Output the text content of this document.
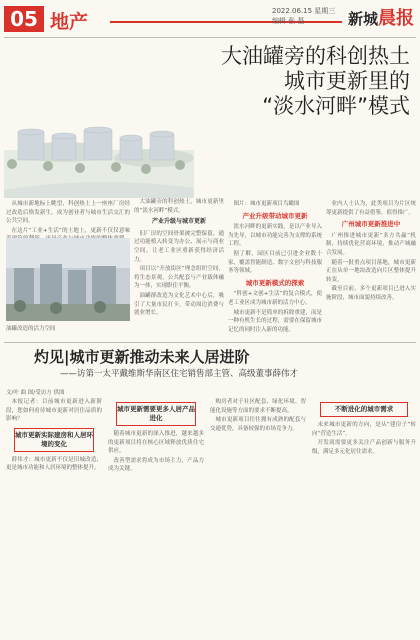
05 地产	2022.06.15 星期三
编辑 张 磊	新城晨报
大油罐旁的科创热土
城市更新里的
“淡水河畔”模式

从城市新地标上眺望，科创热土上一座座厂房经过改造后焕发新生，成为创业者与城市生活交汇的公共空间。

在这片“工业+生活”的土地上，更新不仅仅意味

油罐改造的活力空间

大油罐旁的科创热土，城市更新里的“淡水河畔”模式。

产业升级与城市更新

旧厂房的空间骨架被完整保留，通过功能植入转变为办公、展示与商业空间，让老工业区重新获得经济活力。

项目以“开放街区”理念组织空间，将生态景观、公共配套与产业载体融为一体，实现职住平衡。

油罐群改造为文化艺术中心后，吸引了大量市民打卡，带动周边消费与就业增长。

图片：城市更新项目鸟瞰图

产业升级带动城市更新

淡水河畔的更新实践，是以产业导入为先导，以城市功能完善为支撑的系统工程。

据了解，园区目前已引进企业数十家，覆盖智能制造、数字文创与科技服务等领域。

城市更新模式的探索

“科创+文创+生活”的复合模式，使老工业区成为城市新的活力中心。

城市更新不是简单的拆除重建，而是一种有机生长的过程，需要在保留城市记忆的同时注入新的功能。

业内人士认为，此类项目为片区统筹更新提供了有益借鉴，值得推广。

广州城市更新推进中

广州推进城市更新“多方共赢”机制，持续优化营商环境，推动产城融合发展。

随着一批重点项目落地，城市更新正在从单一地块改造向片区整体提升转变。

截至目前，多个更新项目已进入实施阶段，城市面貌持续改善。

灼见|城市更新推动未来人居进阶
——访第一太平戴维斯华南区住宅销售部主管、高级董事薛伟才
文/叶 曲 图/受访方 供图

本报记者：目前城市更新进入新阶段，您如何看待城市更新对居住品质的影响？

城市更新实际建房和人居环境的变化

薛伟才：城市更新不仅是旧城改造，更是城市功能和人居环境的整体提升。

城市更新需要更多人居产品进化

随着城市更新的深入推进，越来越多的更新项目将在核心区域释放优质住宅供应。

改善型需求将成为市场主力，产品力成为关键。

购房者对于社区配套、绿化环境、智能化设施等方面的要求不断提高。

城市更新项目往往拥有成熟的配套与交通优势，具备较强的市场竞争力。

不断进化的城市需求

未来城市更新的方向，是从“建房子”转向“营造生活”。

开发商需要更多关注产品创新与服务升级，满足多元化居住需求。
